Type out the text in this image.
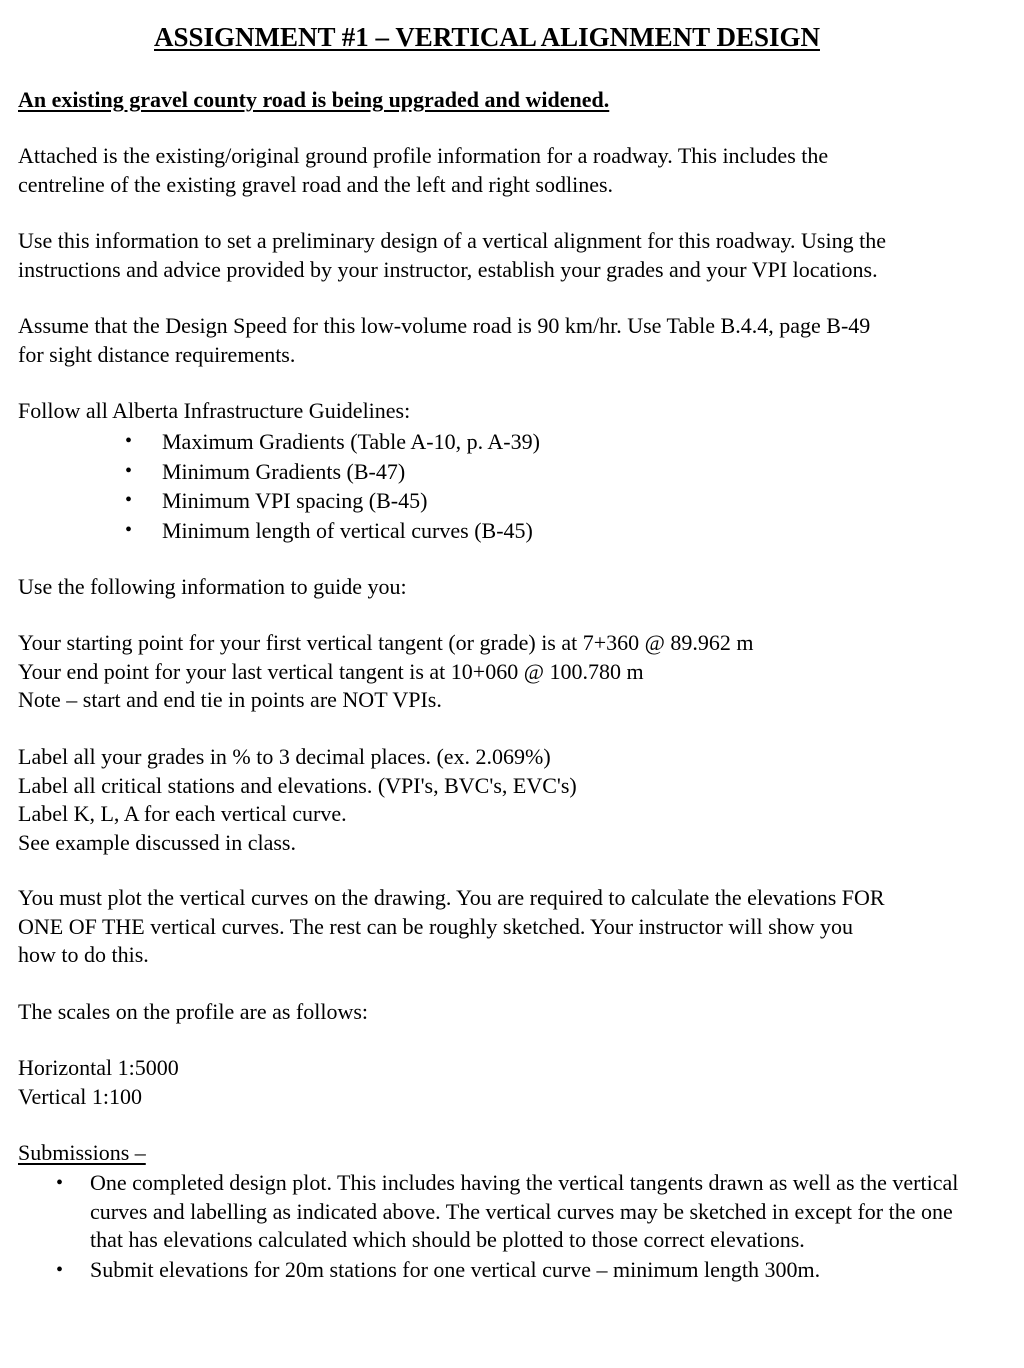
ASSIGNMENT #1 – VERTICAL ALIGNMENT DESIGN
An existing gravel county road is being upgraded and widened.

Attached is the existing/original ground profile information for a roadway. This includes the
centreline of the existing gravel road and the left and right sodlines.

Use this information to set a preliminary design of a vertical alignment for this roadway. Using the
instructions and advice provided by your instructor, establish your grades and your VPI locations.

Assume that the Design Speed for this low-volume road is 90 km/hr. Use Table B.4.4, page B-49
for sight distance requirements.

Follow all Alberta Infrastructure Guidelines:

• Maximum Gradients (Table A-10, p. A-39)
• Minimum Gradients (B-47)
• Minimum VPI spacing (B-45)
• Minimum length of vertical curves (B-45)

Use the following information to guide you:

Your starting point for your first vertical tangent (or grade) is at 7+360 @ 89.962 m
Your end point for your last vertical tangent is at 10+060 @ 100.780 m
Note – start and end tie in points are NOT VPIs.

Label all your grades in % to 3 decimal places. (ex. 2.069%)
Label all critical stations and elevations. (VPI's, BVC's, EVC's)
Label K, L, A for each vertical curve.
See example discussed in class.

You must plot the vertical curves on the drawing. You are required to calculate the elevations FOR
ONE OF THE vertical curves. The rest can be roughly sketched. Your instructor will show you
how to do this.

The scales on the profile are as follows:

Horizontal 1:5000
Vertical 1:100

Submissions –

• One completed design plot. This includes having the vertical tangents drawn as well as the vertical curves and labelling as indicated above. The vertical curves may be sketched in except for the one that has elevations calculated which should be plotted to those correct elevations.
• Submit elevations for 20m stations for one vertical curve – minimum length 300m.
